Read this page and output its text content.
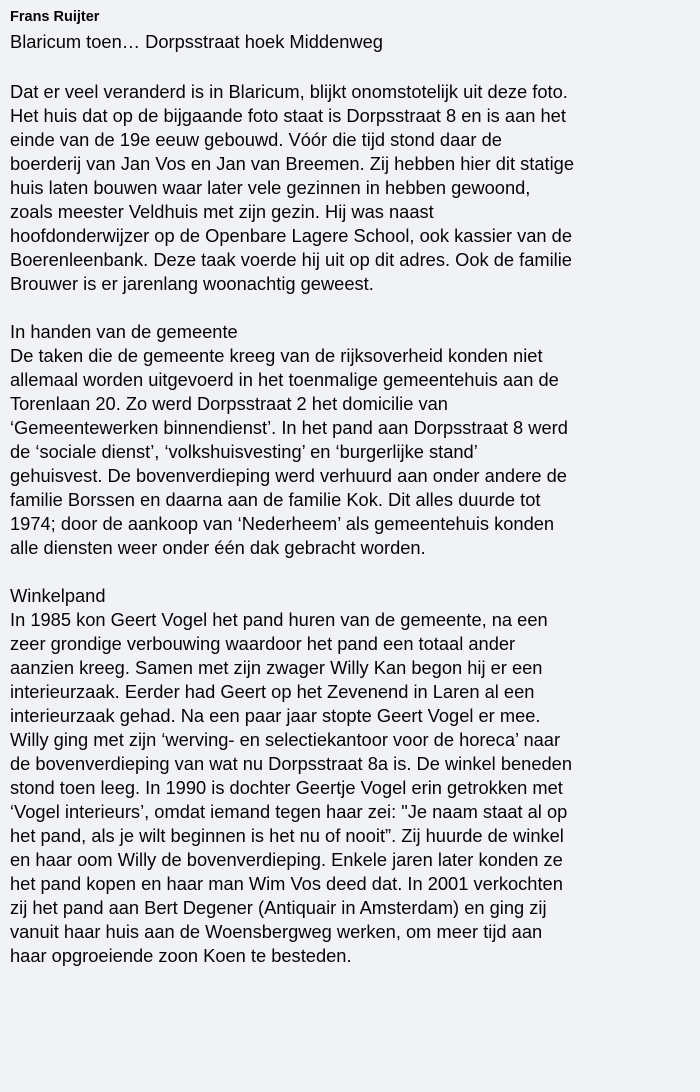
Frans Ruijter
Blaricum toen… Dorpsstraat hoek Middenweg
Dat er veel veranderd is in Blaricum, blijkt onomstotelijk uit deze foto.
Het huis dat op de bijgaande foto staat is Dorpsstraat 8 en is aan het
einde van de 19e eeuw gebouwd. Vóór die tijd stond daar de
boerderij van Jan Vos en Jan van Breemen. Zij hebben hier dit statige
huis laten bouwen waar later vele gezinnen in hebben gewoond,
zoals meester Veldhuis met zijn gezin. Hij was naast
hoofdonderwijzer op de Openbare Lagere School, ook kassier van de
Boerenleenbank. Deze taak voerde hij uit op dit adres. Ook de familie
Brouwer is er jarenlang woonachtig geweest.
In handen van de gemeente
De taken die de gemeente kreeg van de rijksoverheid konden niet
allemaal worden uitgevoerd in het toenmalige gemeentehuis aan de
Torenlaan 20. Zo werd Dorpsstraat 2 het domicilie van
‘Gemeentewerken binnendienst’. In het pand aan Dorpsstraat 8 werd
de ‘sociale dienst’, ‘volkshuisvesting’ en ‘burgerlijke stand’
gehuisvest. De bovenverdieping werd verhuurd aan onder andere de
familie Borssen en daarna aan de familie Kok. Dit alles duurde tot
1974; door de aankoop van ‘Nederheem’ als gemeentehuis konden
alle diensten weer onder één dak gebracht worden.
Winkelpand
In 1985 kon Geert Vogel het pand huren van de gemeente, na een
zeer grondige verbouwing waardoor het pand een totaal ander
aanzien kreeg. Samen met zijn zwager Willy Kan begon hij er een
interieurzaak. Eerder had Geert op het Zevenend in Laren al een
interieurzaak gehad. Na een paar jaar stopte Geert Vogel er mee.
Willy ging met zijn ‘werving- en selectiekantoor voor de horeca’ naar
de bovenverdieping van wat nu Dorpsstraat 8a is. De winkel beneden
stond toen leeg. In 1990 is dochter Geertje Vogel erin getrokken met
‘Vogel interieurs’, omdat iemand tegen haar zei: "Je naam staat al op
het pand, als je wilt beginnen is het nu of nooit”. Zij huurde de winkel
en haar oom Willy de bovenverdieping. Enkele jaren later konden ze
het pand kopen en haar man Wim Vos deed dat. In 2001 verkochten
zij het pand aan Bert Degener (Antiquair in Amsterdam) en ging zij
vanuit haar huis aan de Woensbergweg werken, om meer tijd aan
haar opgroeiende zoon Koen te besteden.
